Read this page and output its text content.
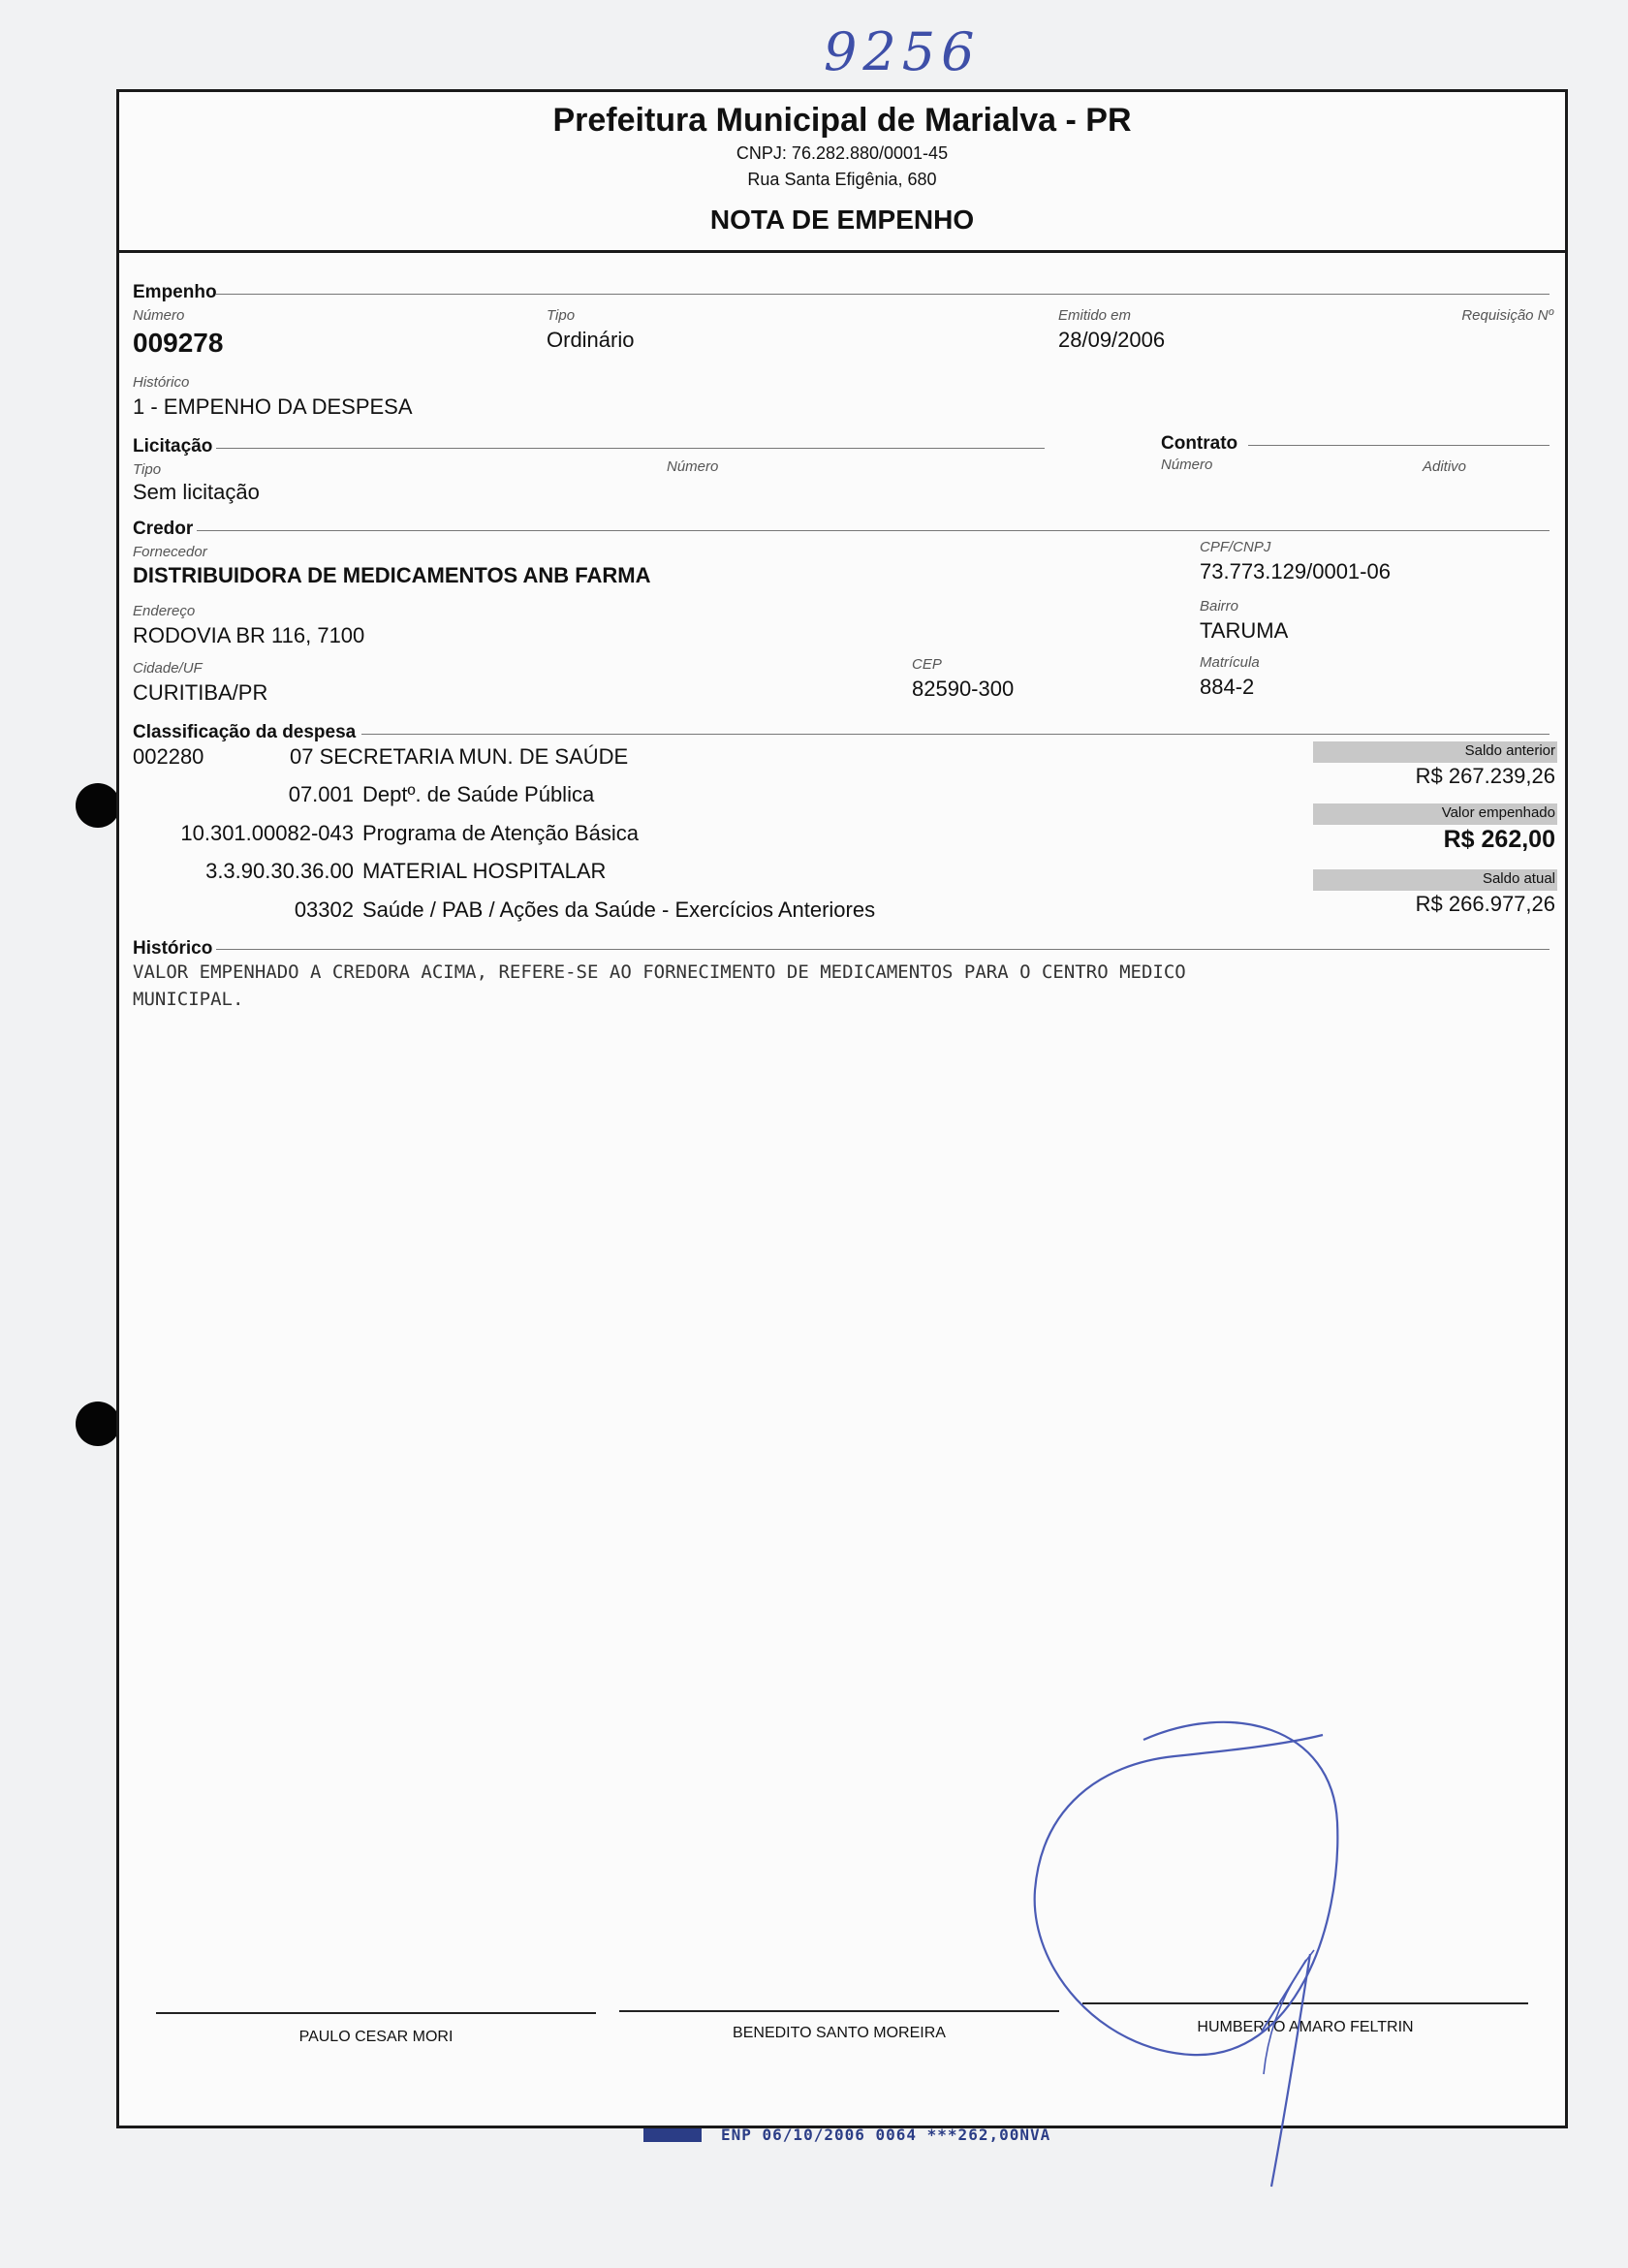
9256
Prefeitura Municipal de Marialva - PR
CNPJ: 76.282.880/0001-45
Rua Santa Efigênia, 680
NOTA DE EMPENHO
Empenho
Número
009278
Tipo
Ordinário
Emitido em
28/09/2006
Requisição Nº
Histórico
1 - EMPENHO DA DESPESA
Licitação	Contrato
Tipo
Sem licitação
Número	Número	Aditivo
Credor
Fornecedor
DISTRIBUIDORA DE MEDICAMENTOS ANB FARMA
CPF/CNPJ
73.773.129/0001-06
Endereço
RODOVIA BR 116, 7100
Bairro
TARUMA
Cidade/UF
CURITIBA/PR
CEP
82590-300
Matrícula
884-2
Classificação da despesa
002280	07 SECRETARIA MUN. DE SAÚDE
07.001 Deptº. de Saúde Pública
10.301.00082-043 Programa de Atenção Básica
3.3.90.30.36.00 MATERIAL HOSPITALAR
03302 Saúde / PAB / Ações da Saúde - Exercícios Anteriores
Saldo anterior
R$ 267.239,26
Valor empenhado
R$ 262,00
Saldo atual
R$ 266.977,26
Histórico
VALOR EMPENHADO A CREDORA ACIMA, REFERE-SE AO FORNECIMENTO DE MEDICAMENTOS PARA O CENTRO MEDICO
MUNICIPAL.
PAULO CESAR MORI	BENEDITO SANTO MOREIRA	HUMBERTO AMARO FELTRIN
ENP 06/10/2006 0064 ***262,00NVA
